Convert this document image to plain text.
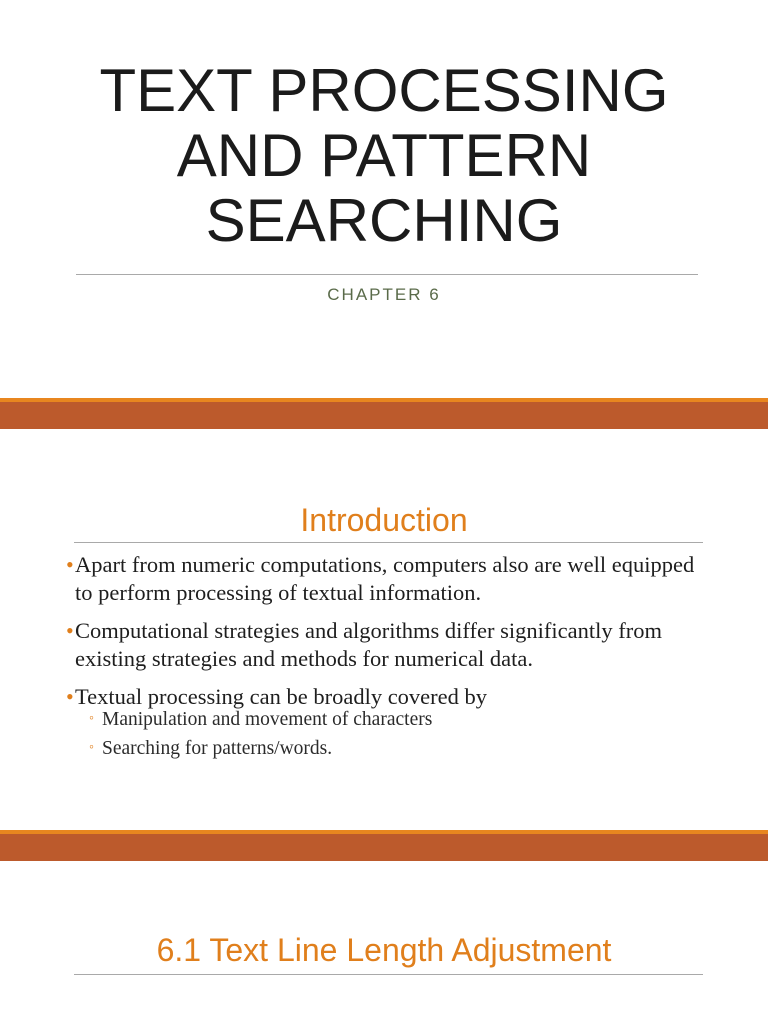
TEXT PROCESSING
AND PATTERN
SEARCHING
CHAPTER 6
Introduction
• Apart from numeric computations, computers also are well equipped to perform processing of textual information.
• Computational strategies and algorithms differ significantly from existing strategies and methods for numerical data.
• Textual processing can be broadly covered by
◦ Manipulation and movement of characters
◦ Searching for patterns/words.
6.1 Text Line Length Adjustment
